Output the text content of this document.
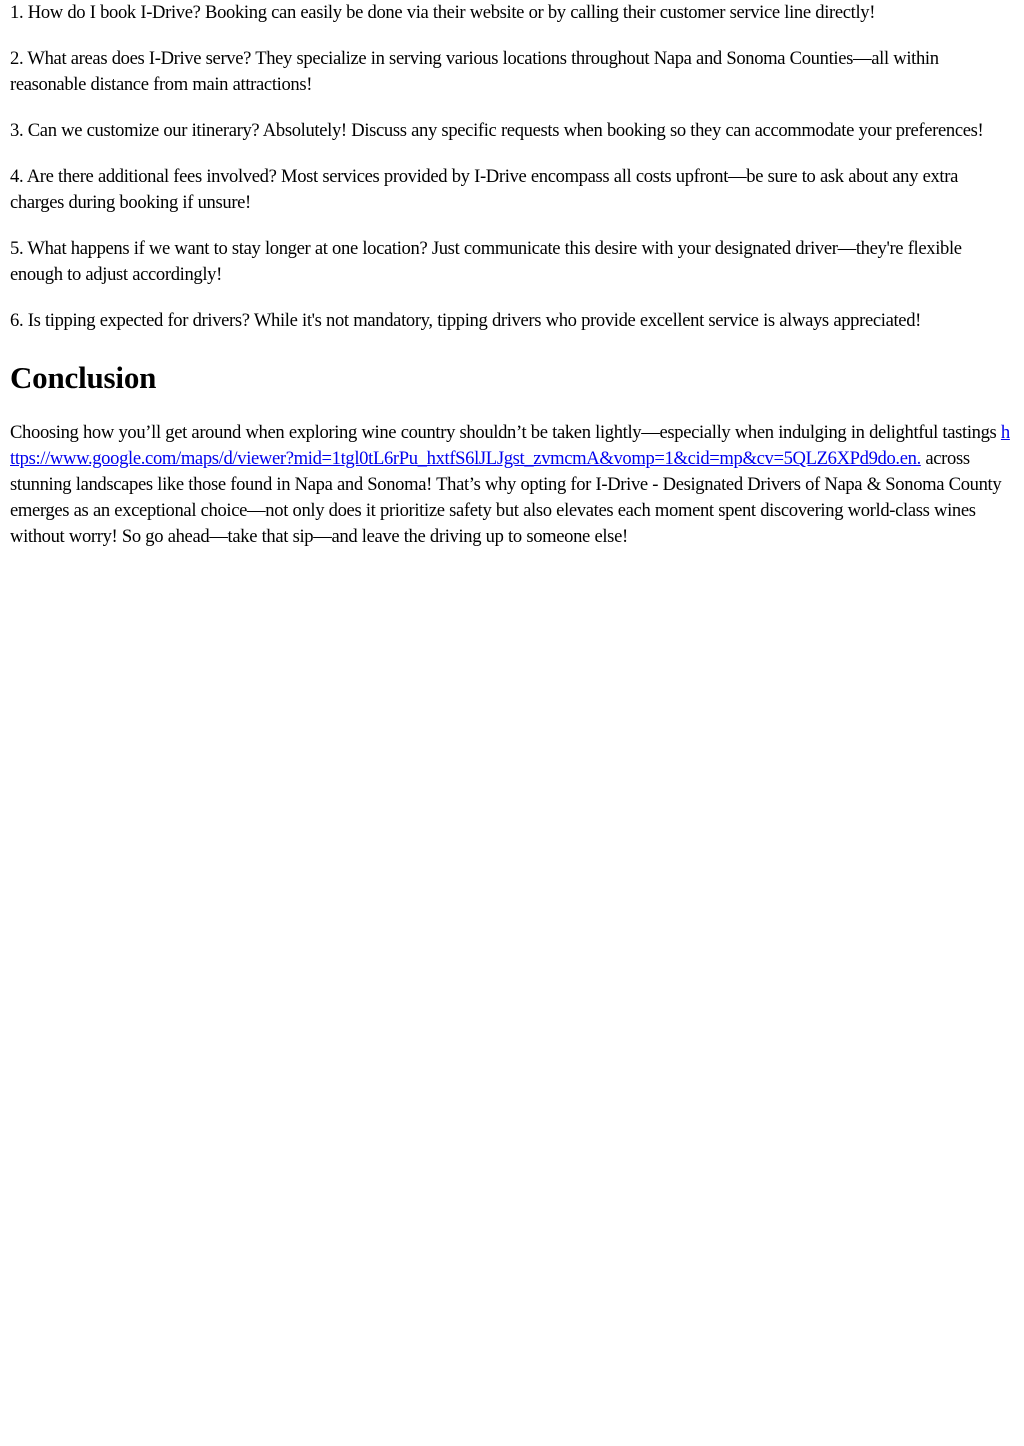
1. How do I book I-Drive? Booking can easily be done via their website or by calling their customer service line directly!

2. What areas does I-Drive serve? They specialize in serving various locations throughout Napa and Sonoma Counties—all within reasonable distance from main attractions!

3. Can we customize our itinerary? Absolutely! Discuss any specific requests when booking so they can accommodate your preferences!

4. Are there additional fees involved? Most services provided by I-Drive encompass all costs upfront—be sure to ask about any extra charges during booking if unsure!

5. What happens if we want to stay longer at one location? Just communicate this desire with your designated driver—they're flexible enough to adjust accordingly!

6. Is tipping expected for drivers? While it's not mandatory, tipping drivers who provide excellent service is always appreciated!

Conclusion

Choosing how you’ll get around when exploring wine country shouldn’t be taken lightly—especially when indulging in delightful tastings https://www.google.com/maps/d/viewer?mid=1tgl0tL6rPu_hxtfS6lJLJgst_zvmcmA&vomp=1&cid=mp&cv=5QLZ6XPd9do.en. across stunning landscapes like those found in Napa and Sonoma! That’s why opting for I-Drive - Designated Drivers of Napa & Sonoma County emerges as an exceptional choice—not only does it prioritize safety but also elevates each moment spent discovering world-class wines without worry! So go ahead—take that sip—and leave the driving up to someone else!
